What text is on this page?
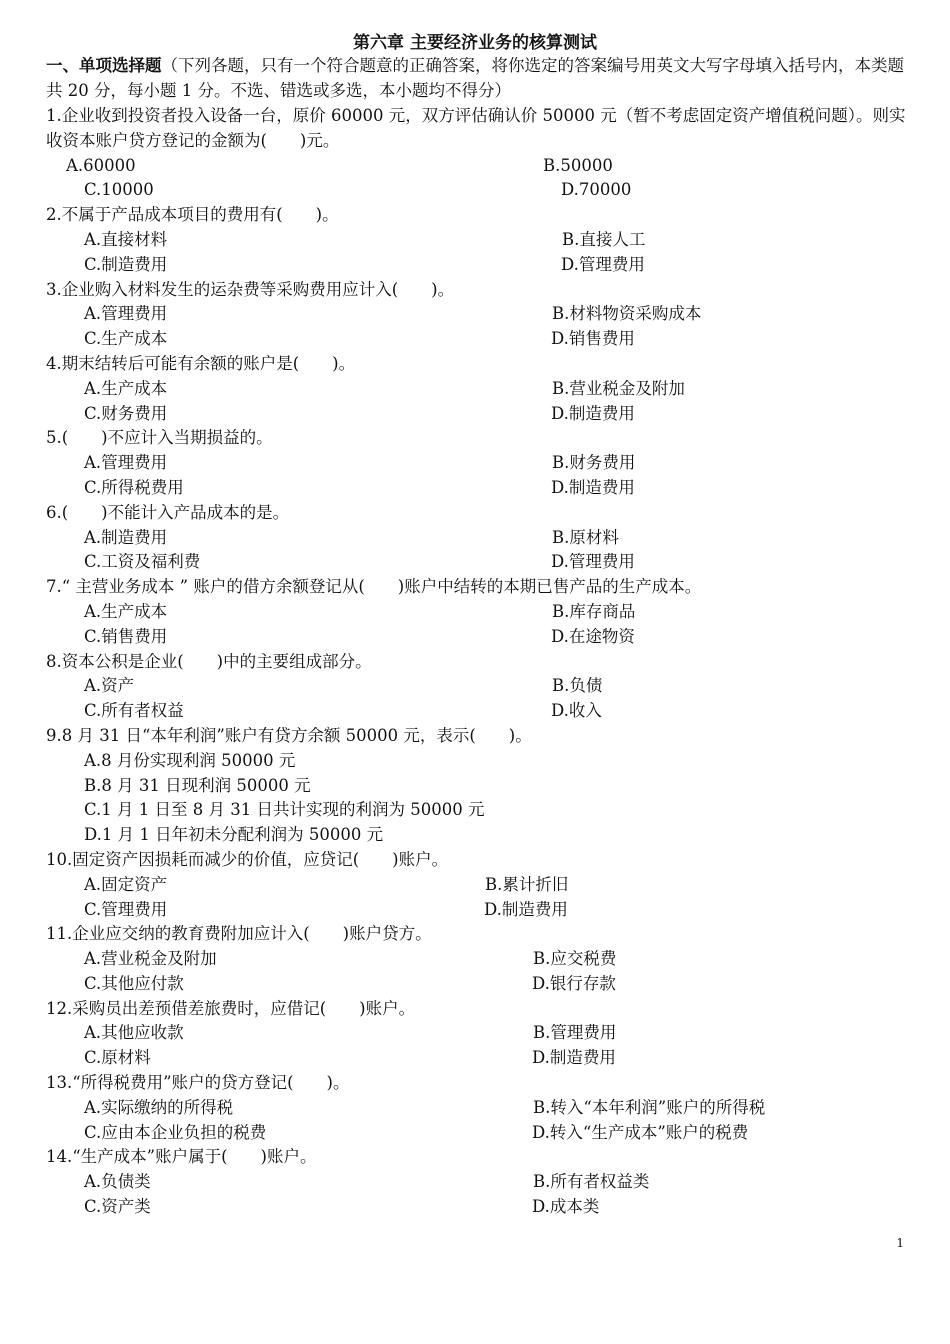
第六章 主要经济业务的核算测试
一、单项选择题（下列各题，只有一个符合题意的正确答案，将你选定的答案编号用英文大写字母填入括号内，本类题共 20 分，每小题 1 分。不选、错选或多选，本小题均不得分）
1.企业收到投资者投入设备一台，原价 60000 元，双方评估确认价 50000 元（暂不考虑固定资产增值税问题）。则实收资本账户贷方登记的金额为(　　)元。
A.60000	B.50000
C.10000	D.70000
2.不属于产品成本项目的费用有(　　)。
A.直接材料	B.直接人工
C.制造费用	D.管理费用
3.企业购入材料发生的运杂费等采购费用应计入(　　)。
A.管理费用	B.材料物资采购成本
C.生产成本	D.销售费用
4.期末结转后可能有余额的账户是(　　)。
A.生产成本	B.营业税金及附加
C.财务费用	D.制造费用
5.(　　)不应计入当期损益的。
A.管理费用	B.财务费用
C.所得税费用	D.制造费用
6.(　　)不能计入产品成本的是。
A.制造费用	B.原材料
C.工资及福利费	D.管理费用
7.“ 主营业务成本 ” 账户的借方余额登记从(　　)账户中结转的本期已售产品的生产成本。
A.生产成本	B.库存商品
C.销售费用	D.在途物资
8.资本公积是企业(　　)中的主要组成部分。
A.资产	B.负债
C.所有者权益	D.收入
9.8 月 31 日“本年利润”账户有贷方余额 50000 元，表示(　　)。
A.8 月份实现利润 50000 元
B.8 月 31 日现利润 50000 元
C.1 月 1 日至 8 月 31 日共计实现的利润为 50000 元
D.1 月 1 日年初未分配利润为 50000 元
10.固定资产因损耗而减少的价值，应贷记(　　)账户。
A.固定资产	B.累计折旧
C.管理费用	D.制造费用
11.企业应交纳的教育费附加应计入(　　)账户贷方。
A.营业税金及附加	B.应交税费
C.其他应付款	D.银行存款
12.采购员出差预借差旅费时，应借记(　　)账户。
A.其他应收款	B.管理费用
C.原材料	D.制造费用
13.“所得税费用”账户的贷方登记(　　)。
A.实际缴纳的所得税	B.转入“本年利润”账户的所得税
C.应由本企业负担的税费	D.转入“生产成本”账户的税费
14.“生产成本”账户属于(　　)账户。
A.负债类	B.所有者权益类
C.资产类	D.成本类
1
